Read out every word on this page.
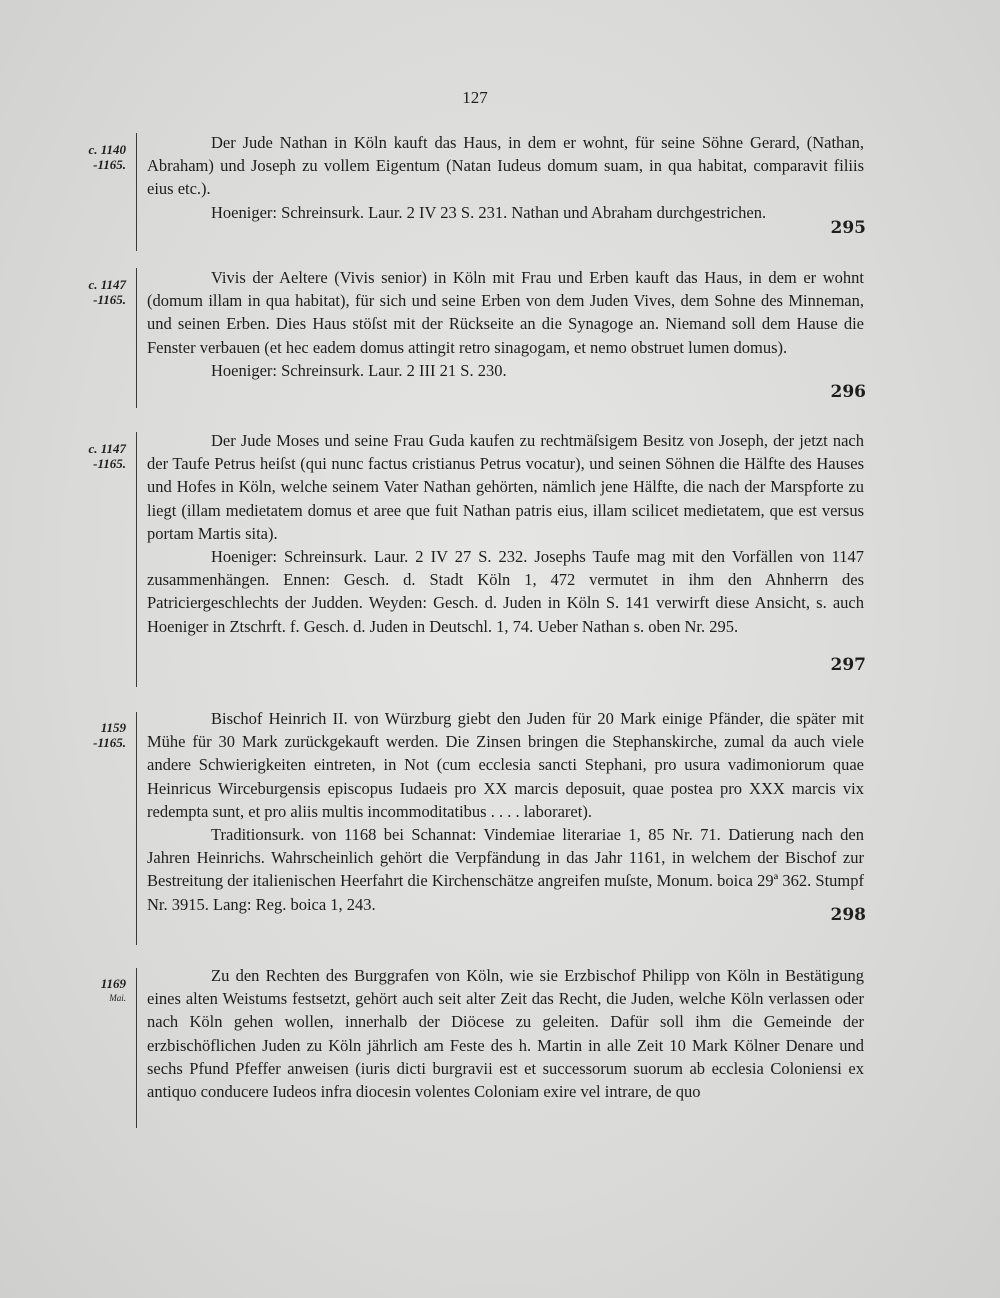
127
c. 1140
-1165.

Der Jude Nathan in Köln kauft das Haus, in dem er wohnt, für seine Söhne Gerard, (Nathan, Abraham) und Joseph zu vollem Eigentum (Natan Iudeus domum suam, in qua habitat, comparavit filiis eius etc.).

Hoeniger: Schreinsurk. Laur. 2 IV 23 S. 231. Nathan und Abraham durchgestrichen.

295
c. 1147
-1165.

Vivis der Aeltere (Vivis senior) in Köln mit Frau und Erben kauft das Haus, in dem er wohnt (domum illam in qua habitat), für sich und seine Erben von dem Juden Vives, dem Sohne des Minneman, und seinen Erben. Dies Haus stöſst mit der Rückseite an die Synagoge an. Niemand soll dem Hause die Fenster verbauen (et hec eadem domus attingit retro sinagogam, et nemo obstruet lumen domus).

Hoeniger: Schreinsurk. Laur. 2 III 21 S. 230.

296
c. 1147
-1165.

Der Jude Moses und seine Frau Guda kaufen zu rechtmäſsigem Besitz von Joseph, der jetzt nach der Taufe Petrus heiſst (qui nunc factus cristianus Petrus vocatur), und seinen Söhnen die Hälfte des Hauses und Hofes in Köln, welche seinem Vater Nathan gehörten, nämlich jene Hälfte, die nach der Marspforte zu liegt (illam medietatem domus et aree que fuit Nathan patris eius, illam scilicet medietatem, que est versus portam Martis sita).

Hoeniger: Schreinsurk. Laur. 2 IV 27 S. 232. Josephs Taufe mag mit den Vorfällen von 1147 zusammenhängen. Ennen: Gesch. d. Stadt Köln 1, 472 vermutet in ihm den Ahnherrn des Patriciergeschlechts der Judden. Weyden: Gesch. d. Juden in Köln S. 141 verwirft diese Ansicht, s. auch Hoeniger in Ztschrft. f. Gesch. d. Juden in Deutschl. 1, 74. Ueber Nathan s. oben Nr. 295.

297
1159
-1165.

Bischof Heinrich II. von Würzburg giebt den Juden für 20 Mark einige Pfänder, die später mit Mühe für 30 Mark zurückgekauft werden. Die Zinsen bringen die Stephanskirche, zumal da auch viele andere Schwierigkeiten eintreten, in Not (cum ecclesia sancti Stephani, pro usura vadimoniorum quae Heinricus Wirceburgensis episcopus Iudaeis pro XX marcis deposuit, quae postea pro XXX marcis vix redempta sunt, et pro aliis multis incommoditatibus . . . . laboraret).

Traditionsurk. von 1168 bei Schannat: Vindemiae literariae 1, 85 Nr. 71. Datierung nach den Jahren Heinrichs. Wahrscheinlich gehört die Verpfändung in das Jahr 1161, in welchem der Bischof zur Bestreitung der italienischen Heerfahrt die Kirchenschätze angreifen muſste, Monum. boica 29ª 362. Stumpf Nr. 3915. Lang: Reg. boica 1, 243.

298
1169
Mai.

Zu den Rechten des Burggrafen von Köln, wie sie Erzbischof Philipp von Köln in Bestätigung eines alten Weistums festsetzt, gehört auch seit alter Zeit das Recht, die Juden, welche Köln verlassen oder nach Köln gehen wollen, innerhalb der Diöcese zu geleiten. Dafür soll ihm die Gemeinde der erzbischöflichen Juden zu Köln jährlich am Feste des h. Martin in alle Zeit 10 Mark Kölner Denare und sechs Pfund Pfeffer anweisen (iuris dicti burgravii est et successorum suorum ab ecclesia Coloniensi ex antiquo conducere Iudeos infra diocesin volentes Coloniam exire vel intrare, de quo
